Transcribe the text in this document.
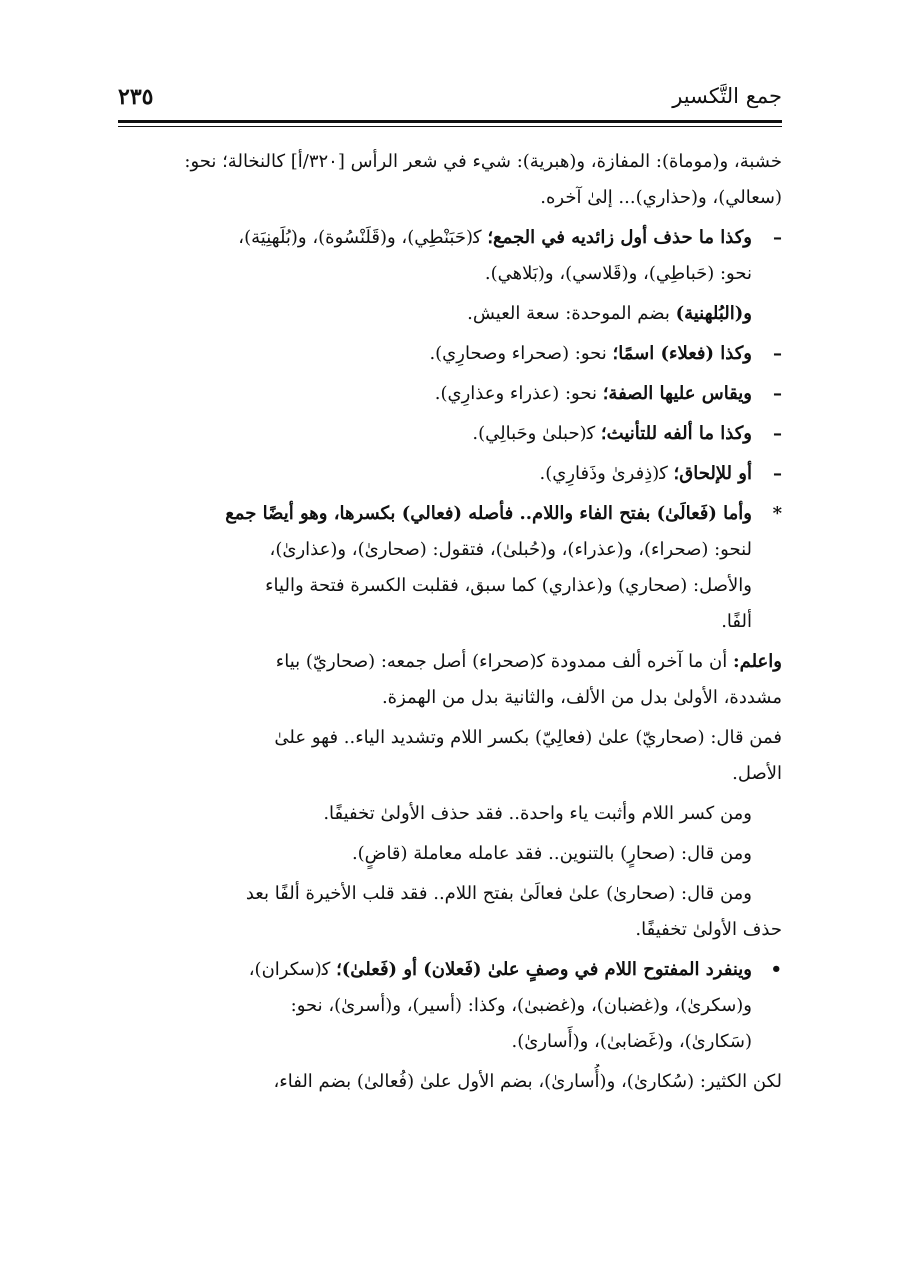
جمع التَّكسير
٢٣٥
خشبة، و(موماة): المفازة، و(هبرية): شيء في شعر الرأس [٣٢٠/أ] كالنخالة؛ نحو:
(سعالي)، و(حذاري)... إلىٰ آخره.
–
وكذا ما حذف أول زائديه في الجمع؛ ك‍(حَبَنْطِي)، و(قَلَنْسُوة)، و(بُلَهنِيَة)،
نحو: (حَباطِي)، و(قَلاسي)، و(بَلاهي).
و(البُلهنية) بضم الموحدة: سعة العيش.
–
وكذا (فعلاء) اسمًا؛ نحو: (صحراء وصحارِي).
–
ويقاس عليها الصفة؛ نحو: (عذراء وعذارِي).
–
وكذا ما ألفه للتأنيث؛ ك‍(حبلىٰ وحَبالِي).
–
أو للإلحاق؛ ك‍(ذِفرىٰ وذَفارِي).
*
وأما (فَعالَىٰ) بفتح الفاء واللام.. فأصله (فعالي) بكسرها، وهو أيضًا جمع
لنحو: (صحراء)، و(عذراء)، و(حُبلىٰ)، فتقول: (صحارىٰ)، و(عذارىٰ)،
والأصل: (صحاري) و(عذاري) كما سبق، فقلبت الكسرة فتحة والياء
ألفًا.
واعلم: أن ما آخره ألف ممدودة ك‍(صحراء) أصل جمعه: (صحاريّ) بياء
مشددة، الأولىٰ بدل من الألف، والثانية بدل من الهمزة.
فمن قال: (صحاريّ) علىٰ (فعالِيّ) بكسر اللام وتشديد الياء.. فهو علىٰ
الأصل.
ومن كسر اللام وأثبت ياء واحدة.. فقد حذف الأولىٰ تخفيفًا.
ومن قال: (صحارٍ) بالتنوين.. فقد عامله معاملة (قاضٍ).
ومن قال: (صحارىٰ) علىٰ فعالَىٰ بفتح اللام.. فقد قلب الأخيرة ألفًا بعد
حذف الأولىٰ تخفيفًا.
•
وينفرد المفتوح اللام في وصفٍ علىٰ (فَعلان) أو (فَعلىٰ)؛ ك‍(سكران)،
و(سكرىٰ)، و(غضبان)، و(غضبىٰ)، وكذا: (أسير)، و(أسرىٰ)، نحو:
(سَكارىٰ)، و(غَضابىٰ)، و(أَسارىٰ).
لكن الكثير: (سُكارىٰ)، و(أُسارىٰ)، بضم الأول علىٰ (فُعالىٰ) بضم الفاء،
